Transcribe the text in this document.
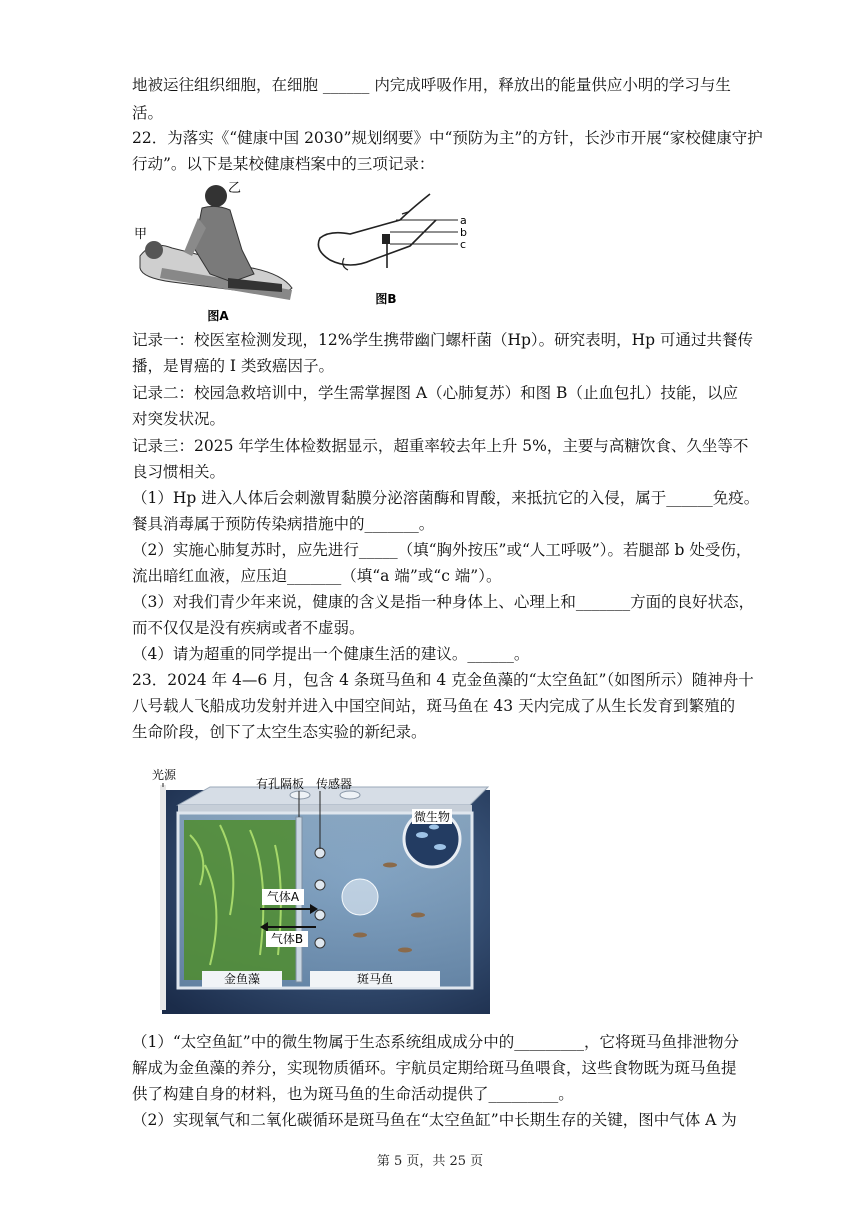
地被运往组织细胞，在细胞 ______ 内完成呼吸作用，释放出的能量供应小明的学习与生
活。
22．为落实《“健康中国 2030”规划纲要》中“预防为主”的方针，长沙市开展“家校健康守护
行动”。以下是某校健康档案中的三项记录：
乙
甲
图A
a
b
c
图B
记录一：校医室检测发现，12%学生携带幽门螺杆菌（Hp）。研究表明，Hp 可通过共餐传
播，是胃癌的 I 类致癌因子。
记录二：校园急救培训中，学生需掌握图 A（心肺复苏）和图 B（止血包扎）技能，以应
对突发状况。
记录三：2025 年学生体检数据显示，超重率较去年上升 5%，主要与高糖饮食、久坐等不
良习惯相关。
（1）Hp 进入人体后会刺激胃黏膜分泌溶菌酶和胃酸，来抵抗它的入侵，属于______免疫。
餐具消毒属于预防传染病措施中的_______。
（2）实施心肺复苏时，应先进行_____（填“胸外按压”或“人工呼吸”）。若腿部 b 处受伤，
流出暗红血液，应压迫_______（填“a 端”或“c 端”）。
（3）对我们青少年来说，健康的含义是指一种身体上、心理上和_______方面的良好状态，
而不仅仅是没有疾病或者不虚弱。
（4）请为超重的同学提出一个健康生活的建议。______。
23．2024 年 4—6 月，包含 4 条斑马鱼和 4 克金鱼藻的“太空鱼缸”（如图所示）随神舟十
八号载人飞船成功发射并进入中国空间站，斑马鱼在 43 天内完成了从生长发育到繁殖的
生命阶段，创下了太空生态实验的新纪录。
气体A
气体B
金鱼藻	斑马鱼
微生物
光源
有孔隔板 传感器
（1）“太空鱼缸”中的微生物属于生态系统组成成分中的_________，它将斑马鱼排泄物分
解成为金鱼藻的养分，实现物质循环。宇航员定期给斑马鱼喂食，这些食物既为斑马鱼提
供了构建自身的材料，也为斑马鱼的生命活动提供了_________。
（2）实现氧气和二氧化碳循环是斑马鱼在“太空鱼缸”中长期生存的关键，图中气体 A 为
第 5 页，共 25 页
